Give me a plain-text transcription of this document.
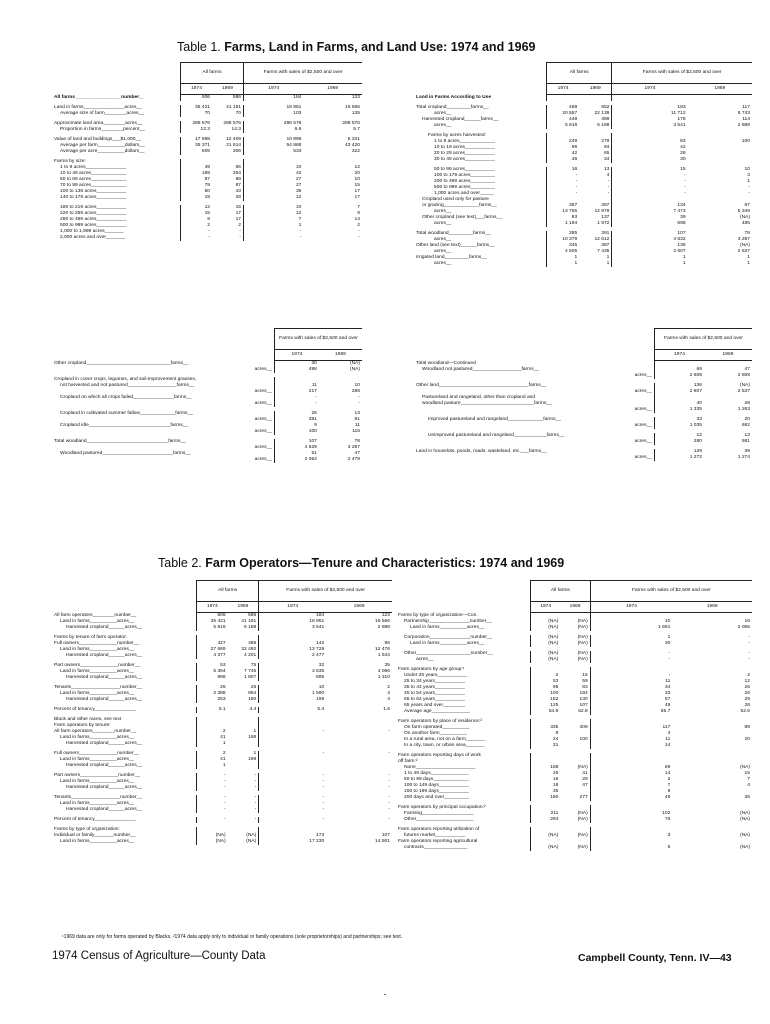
Table 1. Farms, Land in Farms, and Land Use: 1974 and 1969
	All farms		Farms with sales of $2,500 and over	
	1974	1969	1974	1969
All farms_________________number__	506	586	184	123

Land in farms_______________acres__	35 421	41 191	18 951	16 566
Average size of farm________acres__	70	70	103	135

Approximate land area________acres__	288 576	288 576	288 576	288 576
Proportion in farms________percent__	12.3	14.3	6.6	5.7

Value of land and buildings___$1,000__	17 898	12 409	10 896	5 341
Average per farm__________dollars__	35 371	21 614	54 868	43 420
Average per acre__________dollars__	505	306	533	322

Farms by size:				
1 to 9 acres_______________	49	65	10	12
10 to 49 acres_____________	189	254	42	20
50 to 69 acres_____________	87	88	27	10
70 to 99 acres_____________	79	87	27	15
100 to 139 acres___________	50	43	36	17
140 to 179 acres___________	19	28	12	17

180 to 219 acres___________	12	15	10	7
220 to 259 acres___________	15	17	12	9
260 to 499 acres___________	9	17	7	14
500 to 999 acres___________	2	2	1	2
1,000 to 1,999 acres_______	-	-	-	-
2,000 acres and over_______	-	-	-	-
	Farms with sales of $2,500 and over	
	1974	1969
Other cropland_______________________________farms__	30	(NA)
acres__	498	(NA)

Cropland in cover crops, legumes, and soil-improvement grasses,		
not harvested and not pastured__________________farms__	11	10
acres__	217	288
Cropland on which all crops failed_______________farms__	-	-
acres__	-	-

Cropland in cultivated summer fallow_____________farms__	26	13
acres__	381	81
Cropland idle______________________________farms__	9	11
acres__	100	116

Total woodland______________________________farms__	107	78
acres__	4 629	3 287
Woodland pastured__________________________farms__	51	47
acres__	2 054	2 479
	All farms		Farms with sales of $2,500 and over	
	1974	1969	1974	1969
Land in Farms According to Use				

Total cropland_________farms__	468	552	183	117
acres__	20 557	22 139	11 712	8 743
Harvested cropland______farms__	449	489	178	114
acres__	5 618	6 188	3 541	2 888

Farms by acres harvested:				
1 to 9 acres_____________	249	279	83	100
10 to 19 acres___________	96	94	42	
20 to 29 acres___________	42	65	28	
30 to 49 acres___________	46	34	30	

50 to 99 acres___________	16	13	15	10
100 to 179 acres_________	-	4	-	3
200 to 499 acres_________	-	-	-	1
500 to 999 acres_________	-	-	-	-
1,000 acres and over_____	-	-	-	-
Cropland used only for pasture				
or grazing_____________farms__	367	397	134	87
acres__	13 755	12 979	7 473	5 349
Other cropland (see text)___farms__	83	137	39	(NA)
acres__	1 194	1 972	698	485

Total woodland_________farms__	385	391	107	78
acres__	10 379	12 612	4 632	3 287
Other land (see text)______farms__	345	387	136	(NA)
acres__	4 505	7 435	2 607	2 537
Irrigated land_________farms__	1	1	1	1
acres__	1	1	1	1
	Farms with sales of $2,500 and over	
	1974	1969
Total woodland—Continued		
Woodland not pastured__________________farms__	69	47
acres__	2 608	2 808

Other land_________________________________farms__	136	(NA)
acres__	2 607	2 537
Pastureland and rangeland, other than cropland and		
woodland pasture___________________________farms__	40	28
acres__	1 335	1 263

Improved pastureland and rangeland_____________farms__	33	20
acres__	1 035	682

Unimproved pastureland and rangeland____________farms__	12	13
acres__	280	581

Land in houselots, ponds, roads, wasteland, etc.___farms__	129	39
acres__	1 272	1 274
Table 2. Farm Operators—Tenure and Characteristics: 1974 and 1969
	All farms		Farms with sales of $2,500 and over	
	1974	1969	1974	1969
All farm operators________number__	506	586	184	123
Land in farms__________acres__	35 421	41 191	18 951	16 566
Harvested cropland______acres__	5 618	6 188	3 541	2 888

Farms by tenure of farm operator:				
Full owners______________number__	427	485	142	86
Land in farms__________acres__	27 669	32 492	13 728	12 476
Harvested cropland______acres__	4 377	4 201	2 477	1 544

Part owners______________number__	53	75	32	35
Land in farms__________acres__	5 364	7 745	3 635	4 066
Harvested cropland______acres__	988	1 807	695	1 310

Tenants__________________number__	26	26	10	2
Land in farms__________acres__	2 388	954	1 590	4
Harvested cropland______acres__	253	180	169	4

Percent of tenancy_______________	5.1	4.4	5.4	1.6

Black and other races, see text				
Farm operators by tenure:				
All farm operators________number__	2	1	-	-
Land in farms__________acres__	41	198		
Harvested cropland______acres__	1			

Full owners______________number__	2	1	-	-
Land in farms__________acres__	41	198		
Harvested cropland______acres__	1			

Part owners______________number__	-	-	-	-
Land in farms__________acres__	-	-	-	-
Harvested cropland______acres__	-	-	-	-

Tenants__________________number__	-	-	-	-
Land in farms__________acres__	-	-	-	-
Harvested cropland______acres__	-	-	-	-

Percent of tenancy_______________	-	-	-	-

Farms by type of organization:				
Individual or family_______number__	(NA)	(NA)	173	107
Land in farms__________acres__	(NA)	(NA)	17 230	14 501
	All farms		Farms with sales of $2,500 and over	
	1974	1969	1974	1969
Farms by type of organization—Con.				
Partnership_______________number__	(NA)	(NA)	10	16
Land in farms__________acres__	(NA)	(NA)	1 691	2 065

Corporation_______________number__	(NA)	(NA)	1	-
Land in farms__________acres__	(NA)	(NA)	30	-

Other____________________number__	(NA)	(NA)	-	-
acres__	(NA)	(NA)	-	-

Farm operators by age group:¹				
Under 25 years___________	2	15	-	2
25 to 34 years___________	53	59	11	12
35 to 44 years___________	95	83	34	26
45 to 54 years___________	100	184	33	26
55 to 64 years___________	152	130	57	29
65 years and over________	125	107	49	28
Average age______________	54.9	52.8	55.7	52.6

Farm operators by place of residence:²				
On farm operated__________	335	408	117	89
On another farm__________	8		4	
In a rural area, not on a farm_______	24	100	11	20
In a city, town, or urban area_______	31		14	

Farm operators reporting days of work				
off farm:²				
None______________________	168	(NA)	69	(NA)
1 to 49 days______________	25	41	14	15
50 to 99 days_____________	16	29	2	7
100 to 149 days___________	18	47	7	4
150 to 199 days___________	35		9	
200 days and over_________	180	277	49	35

Farm operators by principal occupation:²				
Farming___________________	211	(NA)	102	(NA)
Other_____________________	294	(NA)	76	(NA)

Farm operators reporting utilization of				
futures market___________	(NA)	(NA)	3	(NA)
Farm operators reporting agricultural				
contracts________________	(NA)	(NA)	5	(NA)
¹1969 data are only for farms operated by Blacks. ²1974 data apply only to individual or family operations (sole proprietorships) and partnerships; see text.
1974 Census of Agriculture—County Data	Campbell County, Tenn. IV—43
